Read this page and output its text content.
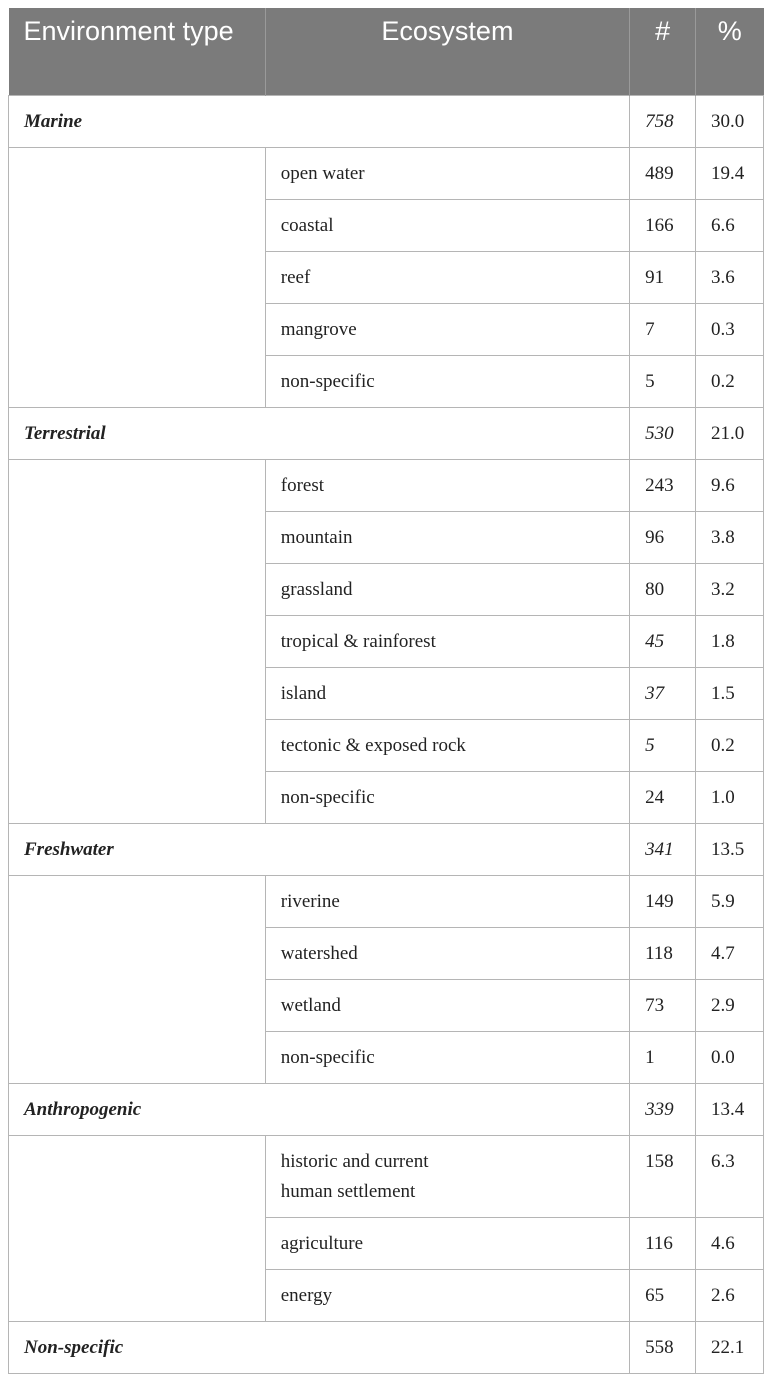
Environment type	Ecosystem	#	%
Marine		758	30.0
	open water	489	19.4
	coastal	166	6.6
	reef	91	3.6
	mangrove	7	0.3
	non-specific	5	0.2
Terrestrial		530	21.0
	forest	243	9.6
	mountain	96	3.8
	grassland	80	3.2
	tropical & rainforest	45	1.8
	island	37	1.5
	tectonic & exposed rock	5	0.2
	non-specific	24	1.0
Freshwater		341	13.5
	riverine	149	5.9
	watershed	118	4.7
	wetland	73	2.9
	non-specific	1	0.0
Anthropogenic		339	13.4
	historic and current
human settlement	158	6.3
	agriculture	116	4.6
	energy	65	2.6
Non-specific		558	22.1
